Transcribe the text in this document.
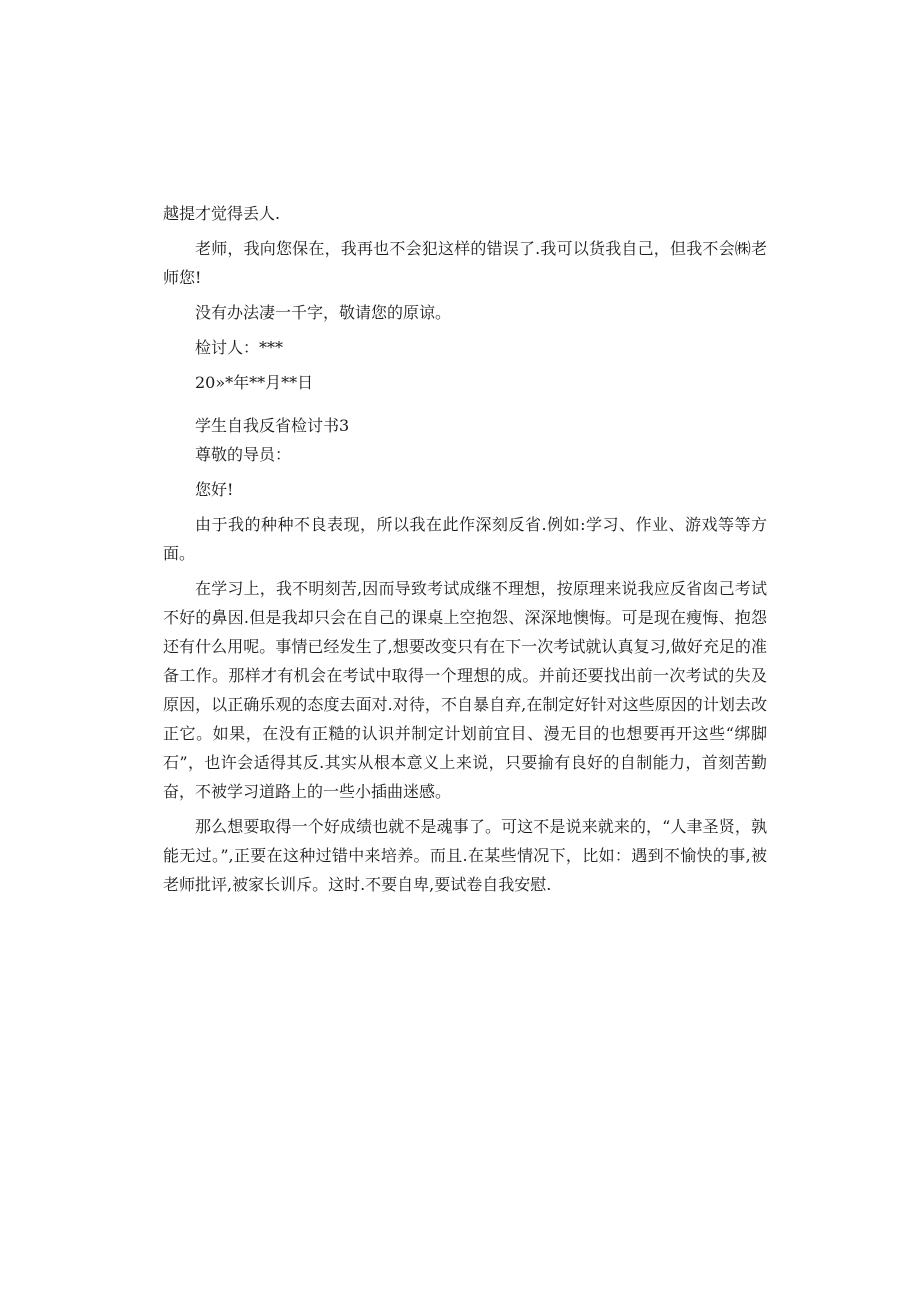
越提才觉得丢人.

老师，我向您保在，我再也不会犯这样的错误了.我可以货我自己，但我不会㈱老师您!

没有办法凄一千字，敬请您的原谅。

检讨人：***

20»*年**月**日

学生自我反省检讨书3

尊敬的导员：

您好!

由于我的种种不良表现，所以我在此作深刻反省.例如:学习、作业、游戏等等方面。

在学习上，我不明刻苦,因而导致考试成继不理想，按原理来说我应反省囱己考试不好的鼻因.但是我却只会在自己的课桌上空抱怨、深深地懊悔。可是现在瘦悔、抱怨还有什么用呢。事情已经发生了,想要改变只有在下一次考试就认真复习,做好充足的准备工作。那样才有机会在考试中取得一个理想的成。并前还要找出前一次考试的失及原因，以正确乐观的态度去面对.对待，不自暴自弃,在制定好针对这些原因的计划去改正它。如果，在没有正糙的认识并制定计划前宜目、漫无目的也想要再开这些“绑脚石”，也许会适得其反.其实从根本意义上来说，只要揄有良好的自制能力，首刻苦勤奋，不被学习道路上的一些小插曲迷感。

那么想要取得一个好成绩也就不是魂事了。可这不是说来就来的，“人聿圣贤，孰能无过。”,正要在这种过错中来培养。而且.在某些情况下，比如：遇到不愉快的事,被老师批评,被家长训斥。这时.不要自卑,要试卷自我安慰.
